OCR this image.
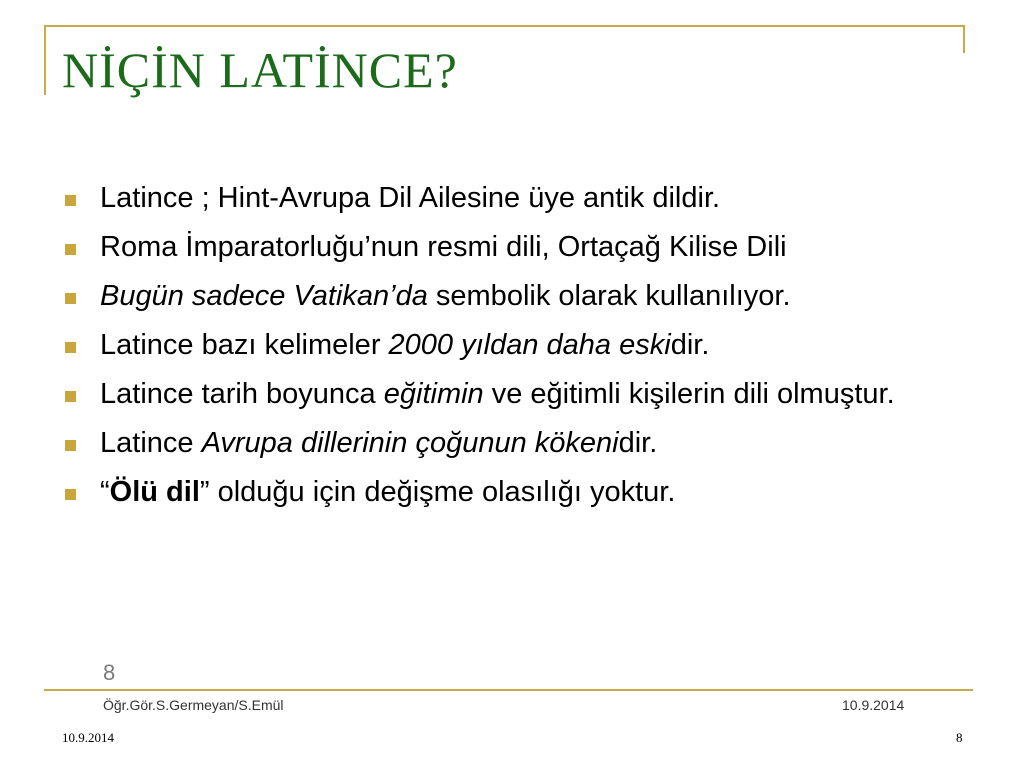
NİÇİN LATİNCE?
Latince ; Hint-Avrupa Dil Ailesine üye antik dildir.
Roma İmparatorluğu’nun resmi dili, Ortaçağ Kilise Dili
Bugün sadece Vatikan’da sembolik olarak kullanılıyor.
Latince bazı kelimeler 2000 yıldan daha eskidir.
Latince tarih boyunca eğitimin ve eğitimli kişilerin dili olmuştur.
Latince Avrupa dillerinin çoğunun kökenidir.
“Ölü dil” olduğu için değişme olasılığı yoktur.
8
Öğr.Gör.S.Germeyan/S.Emül	10.9.2014
10.9.2014	8
